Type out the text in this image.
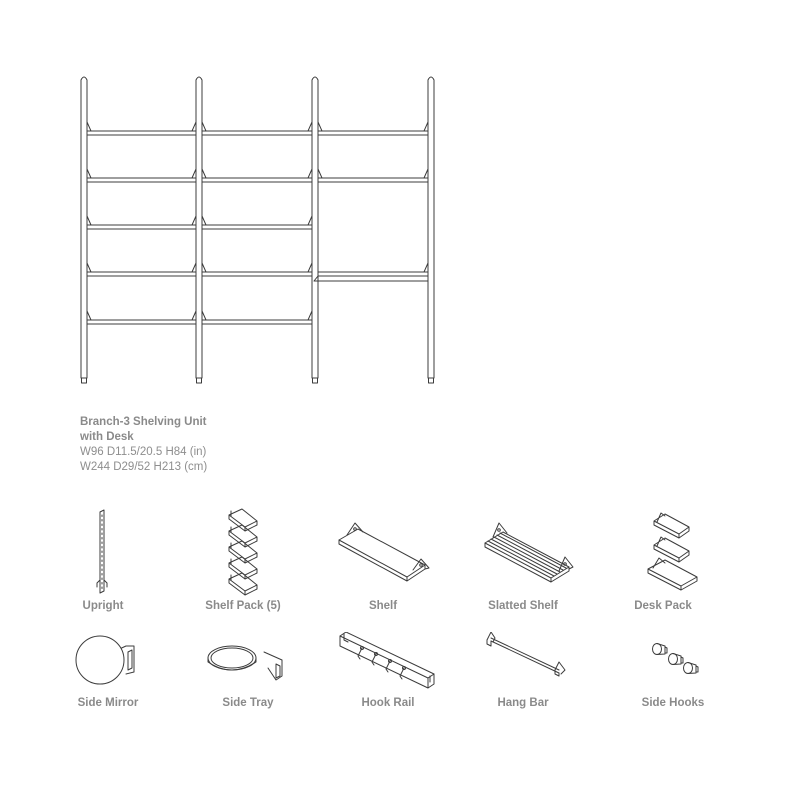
Branch-3 Shelving Unit
with Desk
W96 D11.5/20.5 H84 (in)
W244 D29/52 H213 (cm)
Upright	Shelf Pack (5)	Shelf	Slatted Shelf	Desk Pack
Side Mirror	Side Tray	Hook Rail	Hang Bar	Side Hooks
